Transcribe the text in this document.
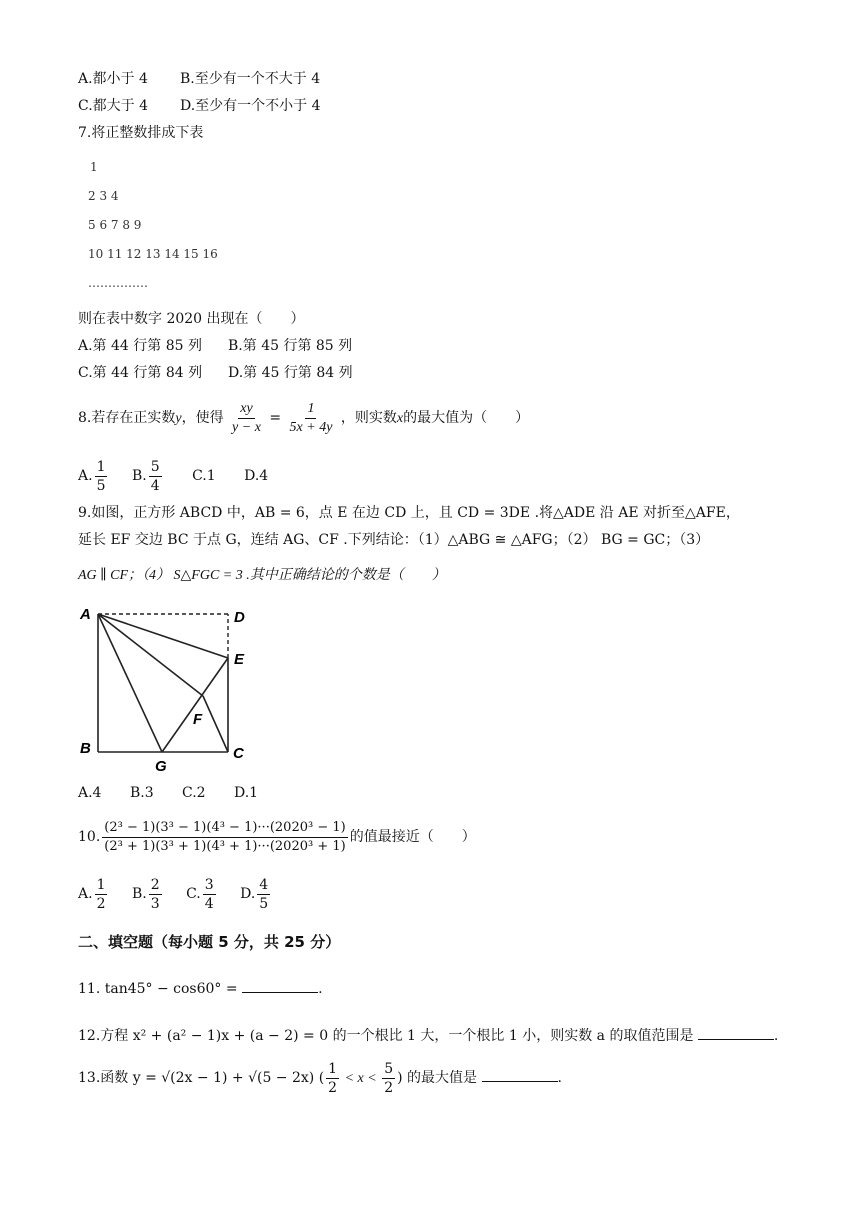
A.都小于 4 B.至少有一个不大于 4
C.都大于 4 D.至少有一个不小于 4
7.将正整数排成下表
1
2 3 4
5 6 7 8 9
10 11 12 13 14 15 16
……………
则在表中数字 2020 出现在（　　）
A.第 44 行第 85 列 B.第 45 行第 85 列
C.第 44 行第 84 列 D.第 45 行第 84 列
8.若存在正实数y，使得 $\frac{xy}{y - x} = \frac{1}{5x + 4y}$ ，则实数x的最大值为（　　）
A. $\frac{1}{5} B$. $\frac{5}{4} C.1$ D.4
9.如图，正方形 ABCD 中，AB = 6，点 E 在边 CD 上，且 CD = 3DE .将△ADE 沿 AE 对折至△AFE，
延长 EF 交边 BC 于点 G，连结 AG、CF .下列结论：（1）△ABG ≅ △AFG；（2） BG = GC；（3）
AG ∥ CF；（4） S△FGC = 3 .其中正确结论的个数是（　　）
A	D
E
F
B	C
G
A.4 B.3 C.2 D.1
10. $\frac{\text{(2³ − 1)(3³ − 1)(4³ − 1)···(2020³ − 1)}}{\text{(2³ + 1)(3³ + 1)(4³ + 1)···(2020³ + 1)}}$ 的值最接近（　　）
A. $\frac{1}{2} B$. $\frac{2}{3} C$. $\frac{3}{4} D$. $\frac{4}{5}$
二、填空题（每小题 5 分，共 25 分）
11. tan45° − cos60° =	.
12.方程 x² + (a² − 1)x + (a − 2) = 0 的一个根比 1 大，一个根比 1 小，则实数 a 的取值范围是	.
13.函数 y = √(2x − 1) + √(5 − 2x) ( $\frac{1}{2} < x < \frac{5}{2}$ ) 的最大值是	.
